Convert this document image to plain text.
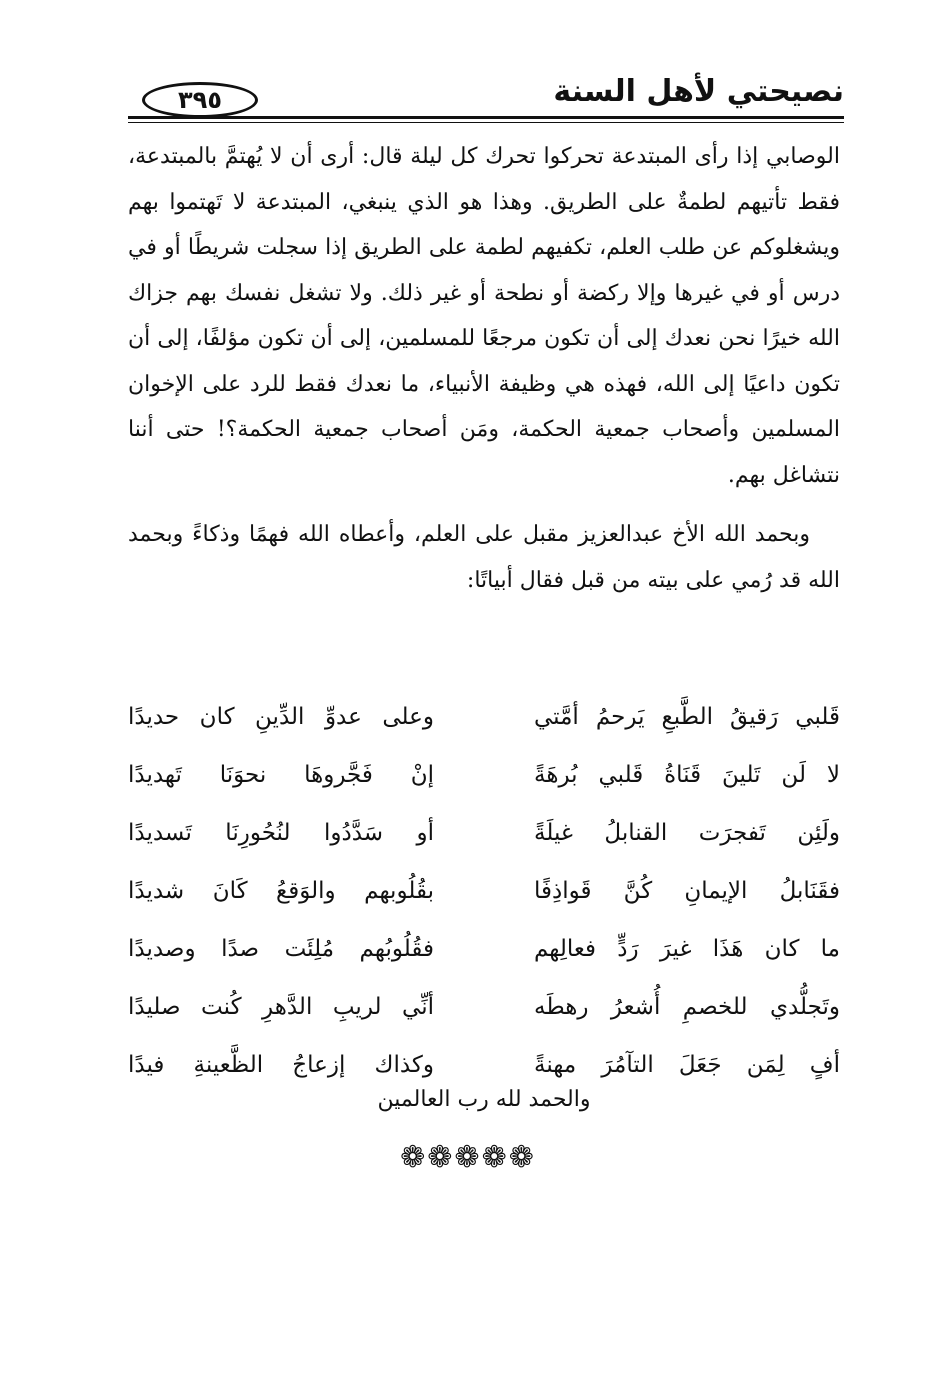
نصيحتي لأهل السنة
٣٩٥

الوصابي إذا رأى المبتدعة تحركوا تحرك كل ليلة قال: أرى أن لا يُهتمَّ بالمبتدعة، فقط تأتيهم لطمةٌ على الطريق. وهذا هو الذي ينبغي، المبتدعة لا تَهتموا بهم ويشغلوكم عن طلب العلم، تكفيهم لطمة على الطريق إذا سجلت شريطًا أو في درس أو في غيرها وإلا ركضة أو نطحة أو غير ذلك. ولا تشغل نفسك بهم جزاك الله خيرًا نحن نعدك إلى أن تكون مرجعًا للمسلمين، إلى أن تكون مؤلفًا، إلى أن تكون داعيًا إلى الله، فهذه هي وظيفة الأنبياء، ما نعدك فقط للرد على الإخوان المسلمين وأصحاب جمعية الحكمة، ومَن أصحاب جمعية الحكمة؟! حتى أننا نتشاغل بهم.

وبحمد الله الأخ عبدالعزيز مقبل على العلم، وأعطاه الله فهمًا وذكاءً وبحمد الله قد رُمي على بيته من قبل فقال أبياتًا:

قَلبي رَقيقُ الطَّبعِ يَرحمُ أمَّتي
وعلى عدوِّ الدِّينِ كان حديدًا
لا لَن تَلينَ قَنَاةُ قَلبي بُرهَةً
إنْ فَجَّروهَا نحوَنَا تَهديدًا
ولَئِن تَفجرَت القنابلُ غيلَةً
أو سَدَّدُوا لنُحُورِنَا تَسديدًا
فقَنَابلُ الإيمانِ كُنَّ قَواذِفًا
بقُلُوبهم والوَقعُ كَانَ شديدًا
ما كان هَذَا غيرَ رَدٍّ فعالِهم
فقُلُوبُهم مُلِئَت صدًا وصديدًا
وتَجلُّدي للخصمِ أُشعرُ رهطَه
أنِّي لريبِ الدَّهرِ كُنت صليدًا
أفٍ لِمَن جَعَلَ التآمُرَ مهنةً
وكذاك إزعاجُ الظَّعينةِ فيدًا
والحمد لله رب العالمين
❁❁❁❁❁
